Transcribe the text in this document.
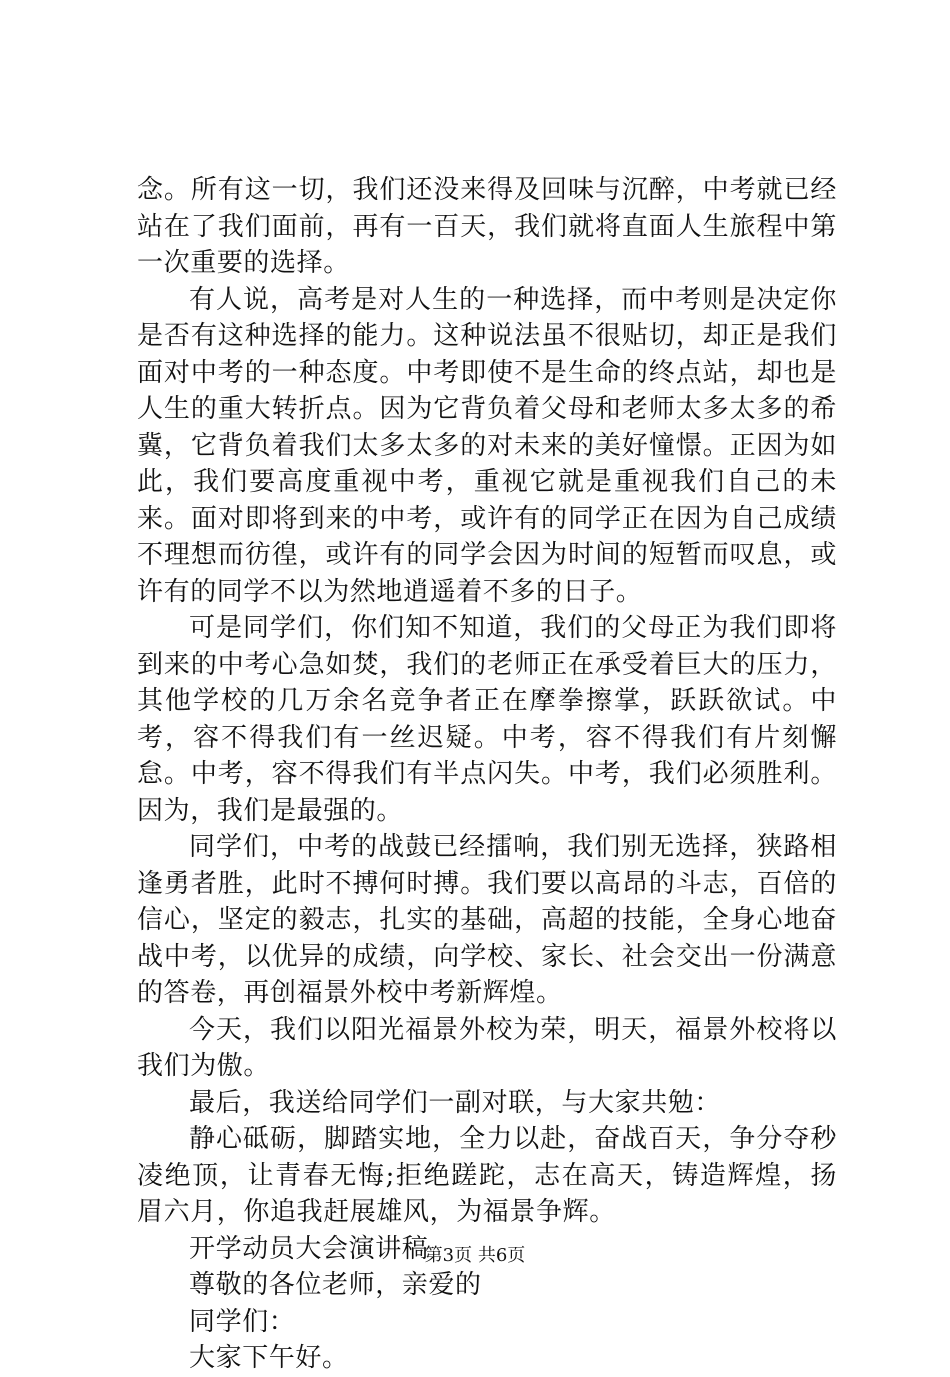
念。所有这一切，我们还没来得及回味与沉醉，中考就已经站在了我们面前，再有一百天，我们就将直面人生旅程中第一次重要的选择。

有人说，高考是对人生的一种选择，而中考则是决定你是否有这种选择的能力。这种说法虽不很贴切，却正是我们面对中考的一种态度。中考即使不是生命的终点站，却也是人生的重大转折点。因为它背负着父母和老师太多太多的希冀，它背负着我们太多太多的对未来的美好憧憬。正因为如此，我们要高度重视中考，重视它就是重视我们自己的未来。面对即将到来的中考，或许有的同学正在因为自己成绩不理想而彷徨，或许有的同学会因为时间的短暂而叹息，或许有的同学不以为然地逍遥着不多的日子。

可是同学们，你们知不知道，我们的父母正为我们即将到来的中考心急如焚，我们的老师正在承受着巨大的压力，其他学校的几万余名竞争者正在摩拳擦掌，跃跃欲试。中考，容不得我们有一丝迟疑。中考，容不得我们有片刻懈怠。中考，容不得我们有半点闪失。中考，我们必须胜利。因为，我们是最强的。

同学们，中考的战鼓已经擂响，我们别无选择，狭路相逢勇者胜，此时不搏何时搏。我们要以高昂的斗志，百倍的信心，坚定的毅志，扎实的基础，高超的技能，全身心地奋战中考，以优异的成绩，向学校、家长、社会交出一份满意的答卷，再创福景外校中考新辉煌。

今天，我们以阳光福景外校为荣，明天，福景外校将以我们为傲。

最后，我送给同学们一副对联，与大家共勉：

静心砥砺，脚踏实地，全力以赴，奋战百天，争分夺秒凌绝顶，让青春无悔;拒绝蹉跎，志在高天，铸造辉煌，扬眉六月，你追我赶展雄风，为福景争辉。

开学动员大会演讲稿

尊敬的各位老师，亲爱的

同学们：

大家下午好。

第3页 共6页
